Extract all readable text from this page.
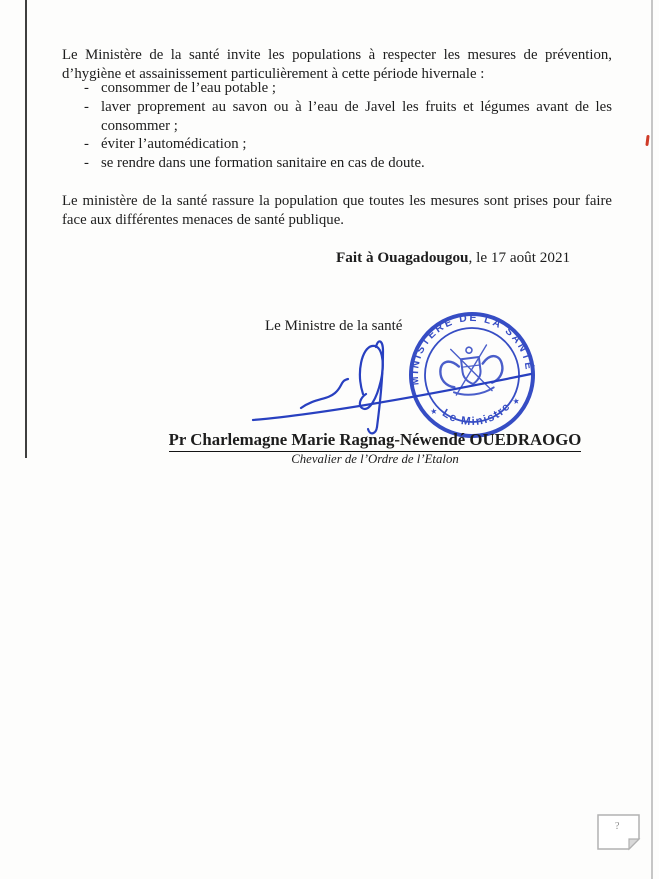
Le Ministère de la santé invite les populations à respecter les mesures de prévention, d’hygiène et assainissement particulièrement à cette période hivernale :

- consommer de l’eau potable ;
- laver proprement au savon ou à l’eau de Javel les fruits et légumes avant de les consommer ;
- éviter l’automédication ;
- se rendre dans une formation sanitaire en cas de doute.

Le ministère de la santé rassure la population que toutes les mesures sont prises pour faire face aux différentes menaces de santé publique.

Fait à Ouagadougou, le 17 août 2021
Le Ministre de la santé
MINISTERE DE LA SANTÉ
Le Ministre
★
★
Pr Charlemagne Marie Ragnag-Néwendé OUEDRAOGO
Chevalier de l’Ordre de l’Etalon
?
